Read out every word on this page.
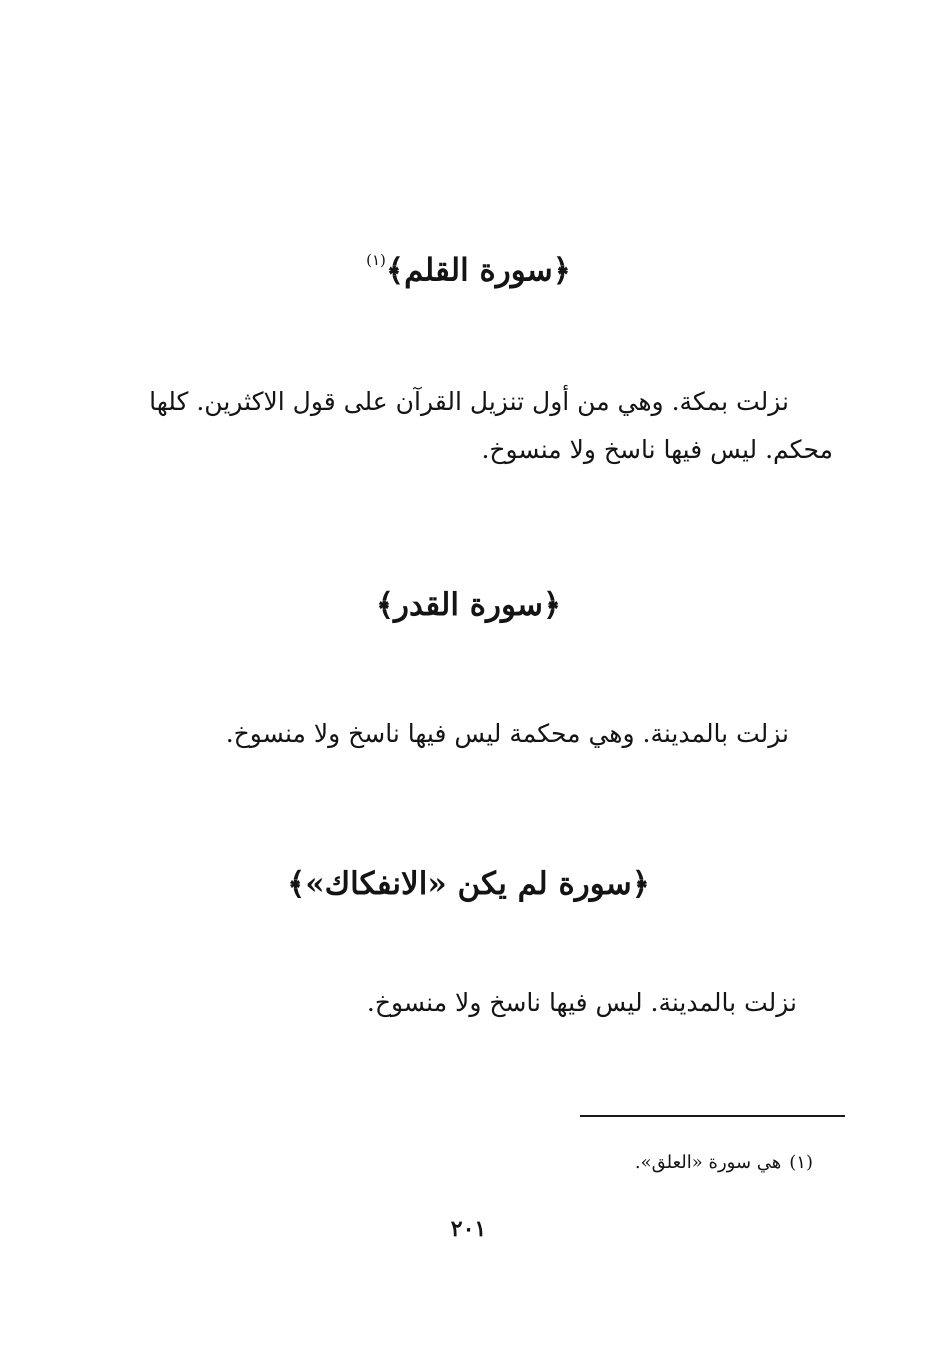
﴿سورة القلم﴾$^{(١)}$
نزلت بمكة. وهي من أول تنزيل القرآن على قول الاكثرين. كلها
محكم. ليس فيها ناسخ ولا منسوخ.
﴿سورة القدر﴾
نزلت بالمدينة. وهي محكمة ليس فيها ناسخ ولا منسوخ.
﴿سورة لم يكن «الانفكاك»﴾
نزلت بالمدينة. ليس فيها ناسخ ولا منسوخ.
(١)هي سورة «العلق».
٢٠١
